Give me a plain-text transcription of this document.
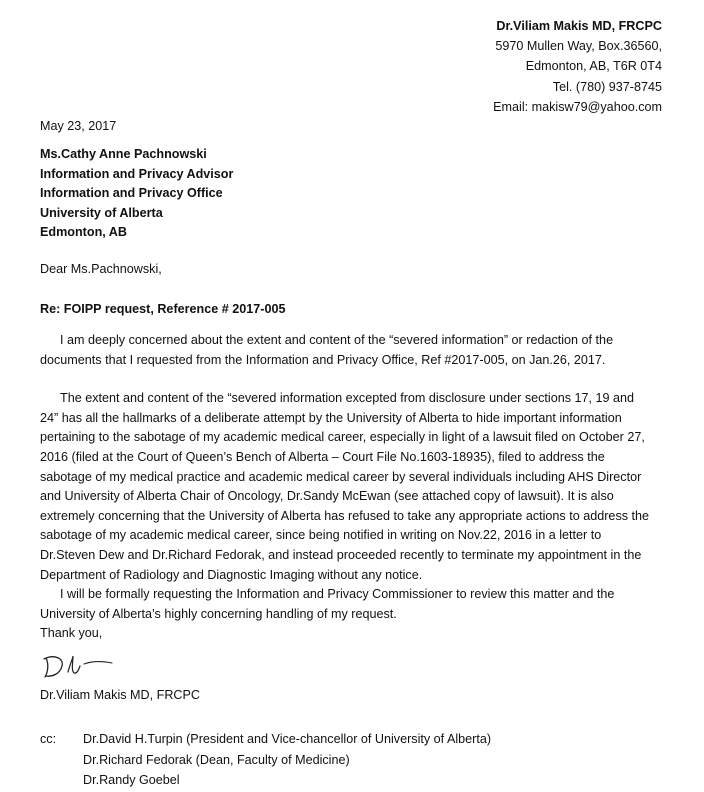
Dr.Viliam Makis MD, FRCPC
5970 Mullen Way, Box.36560,
Edmonton, AB, T6R 0T4
Tel. (780) 937-8745
Email: makisw79@yahoo.com
May 23, 2017
Ms.Cathy Anne Pachnowski
Information and Privacy Advisor
Information and Privacy Office
University of Alberta
Edmonton, AB
Dear Ms.Pachnowski,
Re: FOIPP request, Reference # 2017-005

I am deeply concerned about the extent and content of the “severed information” or redaction of the
documents that I requested from the Information and Privacy Office, Ref #2017-005, on Jan.26, 2017.

The extent and content of the “severed information excepted from disclosure under sections 17, 19 and
24” has all the hallmarks of a deliberate attempt by the University of Alberta to hide important information
pertaining to the sabotage of my academic medical career, especially in light of a lawsuit filed on October 27,
2016 (filed at the Court of Queen’s Bench of Alberta – Court File No.1603-18935), filed to address the
sabotage of my medical practice and academic medical career by several individuals including AHS Director
and University of Alberta Chair of Oncology, Dr.Sandy McEwan (see attached copy of lawsuit). It is also
extremely concerning that the University of Alberta has refused to take any appropriate actions to address the
sabotage of my academic medical career, since being notified in writing on Nov.22, 2016 in a letter to
Dr.Steven Dew and Dr.Richard Fedorak, and instead proceeded recently to terminate my appointment in the
Department of Radiology and Diagnostic Imaging without any notice.

I will be formally requesting the Information and Privacy Commissioner to review this matter and the
University of Alberta’s highly concerning handling of my request.

Thank you,

Dr.Viliam Makis MD, FRCPC
cc: Dr.David H.Turpin (President and Vice-chancellor of University of Alberta)
Dr.Richard Fedorak (Dean, Faculty of Medicine)
Dr.Randy Goebel
